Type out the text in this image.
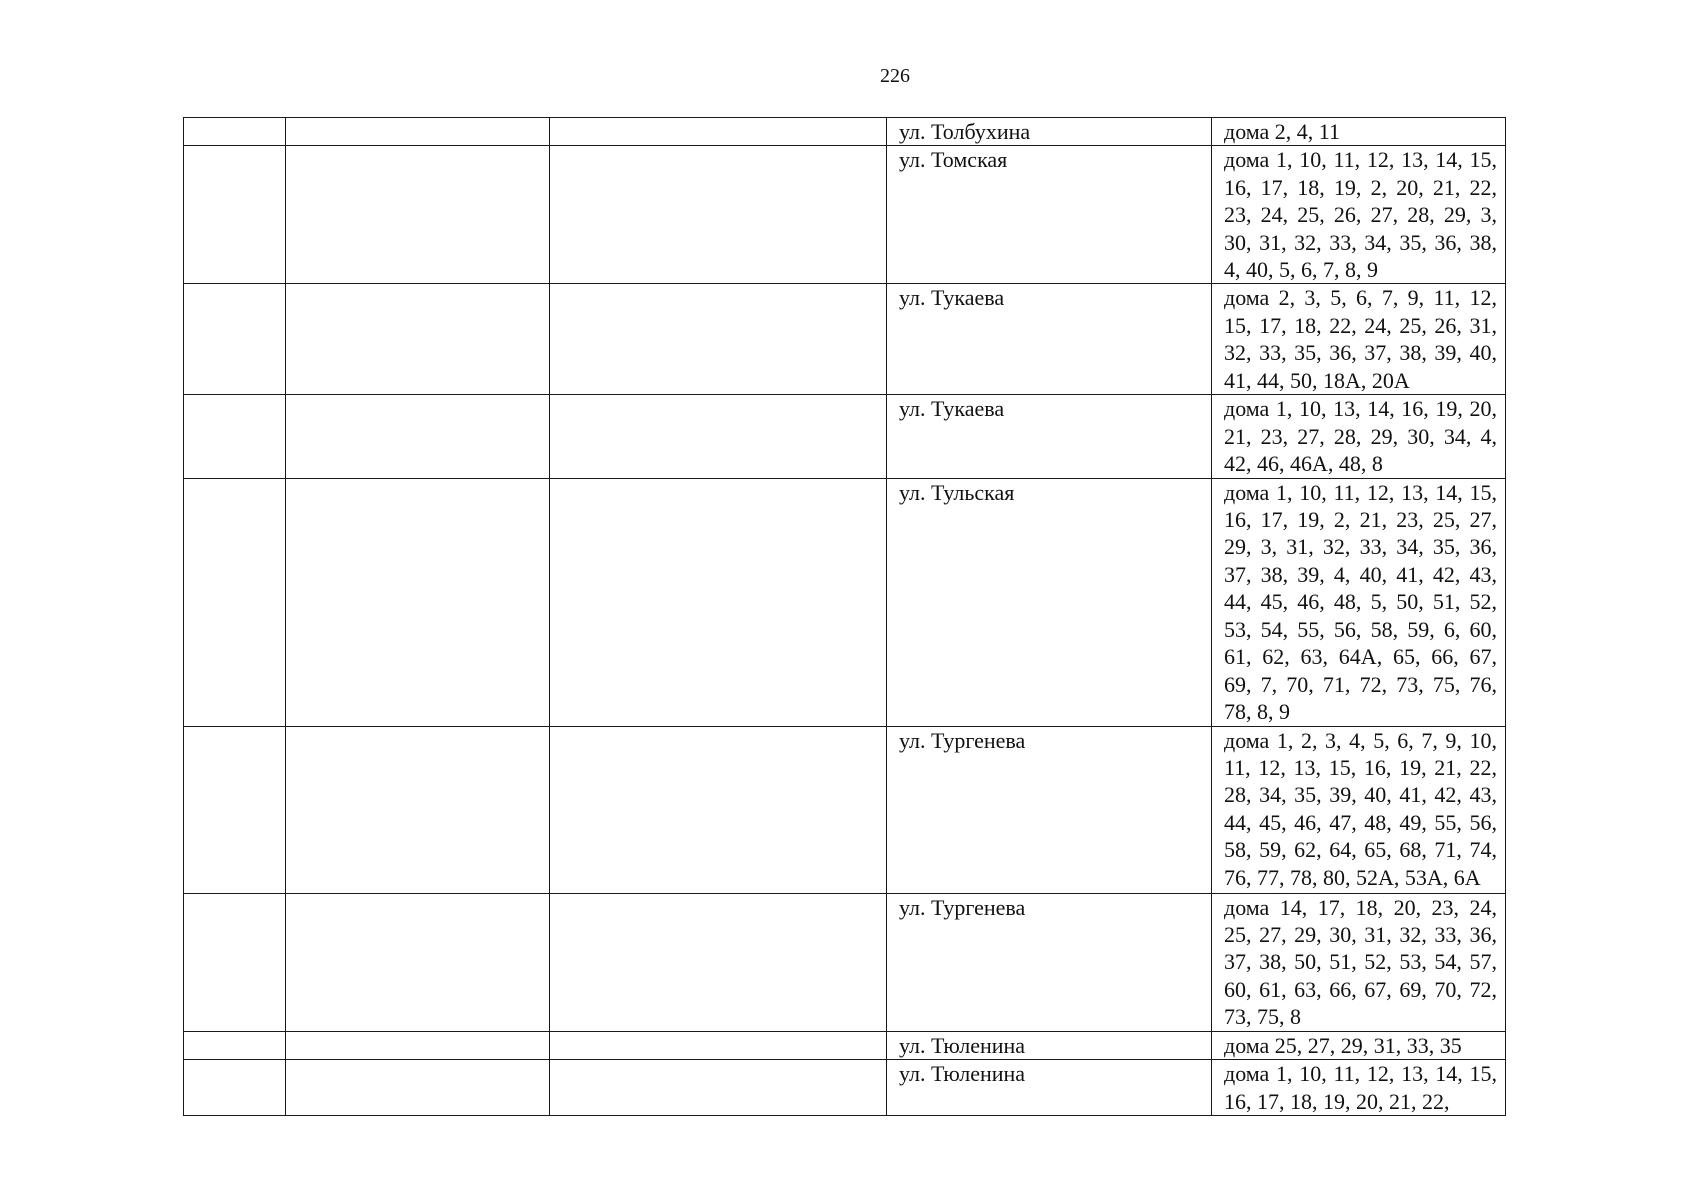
226
			ул. Толбухина	дома 2, 4, 11
			ул. Томская	дома 1, 10, 11, 12, 13, 14, 15, 16, 17, 18, 19, 2, 20, 21, 22, 23, 24, 25, 26, 27, 28, 29, 3, 30, 31, 32, 33, 34, 35, 36, 38, 4, 40, 5, 6, 7, 8, 9
			ул. Тукаева	дома 2, 3, 5, 6, 7, 9, 11, 12, 15, 17, 18, 22, 24, 25, 26, 31, 32, 33, 35, 36, 37, 38, 39, 40, 41, 44, 50, 18А, 20А
			ул. Тукаева	дома 1, 10, 13, 14, 16, 19, 20, 21, 23, 27, 28, 29, 30, 34, 4, 42, 46, 46А, 48, 8
			ул. Тульская	дома 1, 10, 11, 12, 13, 14, 15, 16, 17, 19, 2, 21, 23, 25, 27, 29, 3, 31, 32, 33, 34, 35, 36, 37, 38, 39, 4, 40, 41, 42, 43, 44, 45, 46, 48, 5, 50, 51, 52, 53, 54, 55, 56, 58, 59, 6, 60, 61, 62, 63, 64А, 65, 66, 67, 69, 7, 70, 71, 72, 73, 75, 76, 78, 8, 9
			ул. Тургенева	дома 1, 2, 3, 4, 5, 6, 7, 9, 10, 11, 12, 13, 15, 16, 19, 21, 22, 28, 34, 35, 39, 40, 41, 42, 43, 44, 45, 46, 47, 48, 49, 55, 56, 58, 59, 62, 64, 65, 68, 71, 74, 76, 77, 78, 80, 52А, 53А, 6А
			ул. Тургенева	дома 14, 17, 18, 20, 23, 24, 25, 27, 29, 30, 31, 32, 33, 36, 37, 38, 50, 51, 52, 53, 54, 57, 60, 61, 63, 66, 67, 69, 70, 72, 73, 75, 8
			ул. Тюленина	дома 25, 27, 29, 31, 33, 35
			ул. Тюленина	дома 1, 10, 11, 12, 13, 14, 15, 16, 17, 18, 19, 20, 21, 22,
